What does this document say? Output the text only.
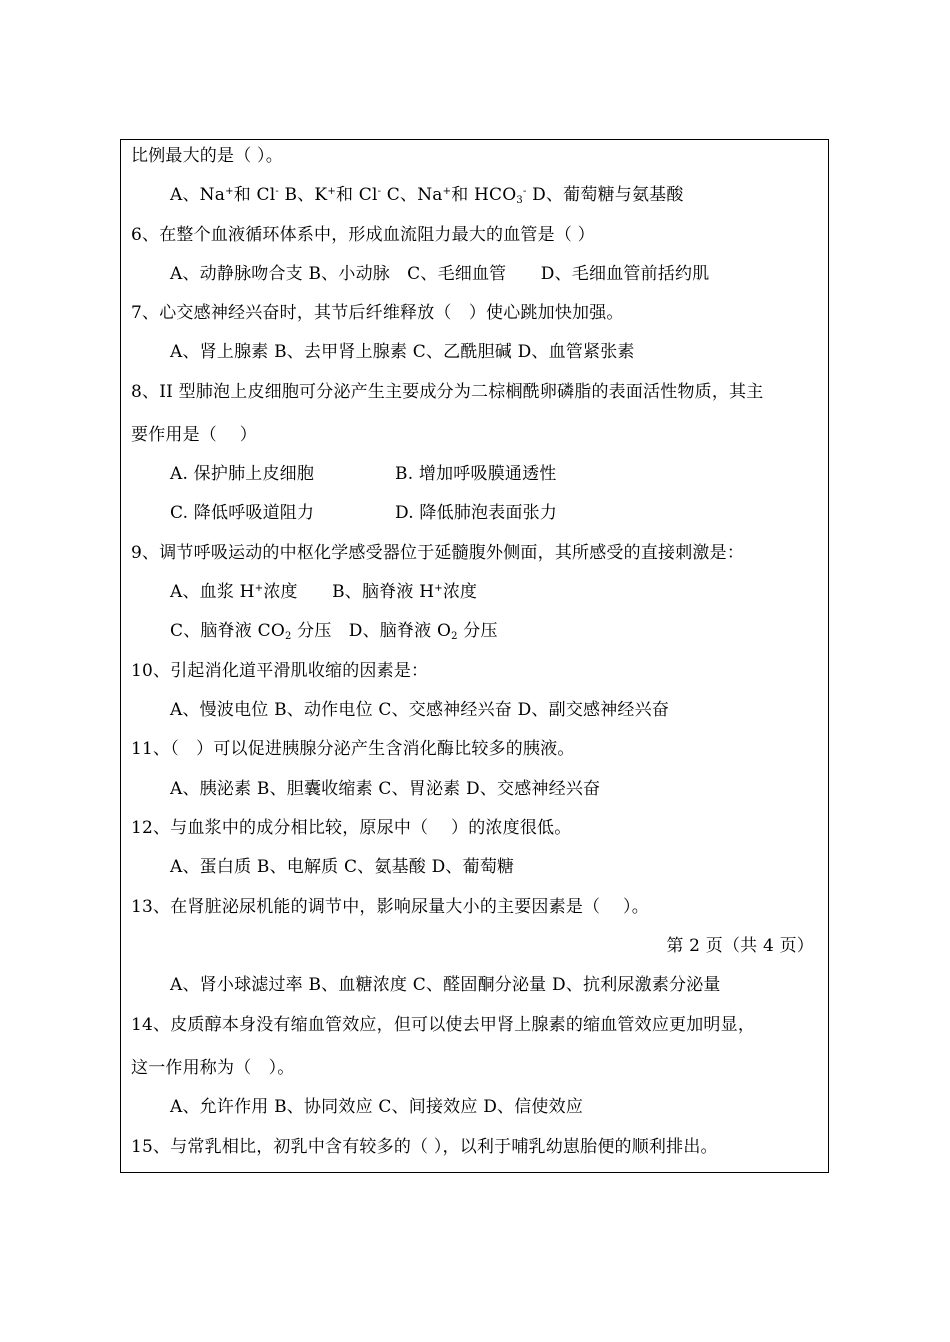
比例最大的是（ ）。
A、Na+和 Cl- B、K+和 Cl- C、Na+和 $HCO_3^-$ D、葡萄糖与氨基酸
6、在整个血液循环体系中，形成血流阻力最大的血管是（ ）
A、动静脉吻合支 B、小动脉　C、毛细血管　　D、毛细血管前括约肌
7、心交感神经兴奋时，其节后纤维释放（　）使心跳加快加强。
A、肾上腺素 B、去甲肾上腺素 C、乙酰胆碱 D、血管紧张素
8、II 型肺泡上皮细胞可分泌产生主要成分为二棕榈酰卵磷脂的表面活性物质，其主
要作用是（　 ）
A. 保护肺上皮细胞	B. 增加呼吸膜通透性
C. 降低呼吸道阻力	D. 降低肺泡表面张力
9、调节呼吸运动的中枢化学感受器位于延髓腹外侧面，其所感受的直接刺激是：
A、血浆 H+浓度　　B、脑脊液 H+浓度
C、脑脊液 $CO_2$ 分压　D、脑脊液 $O_2$ 分压
10、引起消化道平滑肌收缩的因素是：
A、慢波电位 B、动作电位 C、交感神经兴奋 D、副交感神经兴奋
11、（　）可以促进胰腺分泌产生含消化酶比较多的胰液。
A、胰泌素 B、胆囊收缩素 C、胃泌素 D、交感神经兴奋
12、与血浆中的成分相比较，原尿中（　 ）的浓度很低。
A、蛋白质 B、电解质 C、氨基酸 D、葡萄糖
13、在肾脏泌尿机能的调节中，影响尿量大小的主要因素是（　 ）。
第 2 页（共 4 页）
A、肾小球滤过率 B、血糖浓度 C、醛固酮分泌量 D、抗利尿激素分泌量
14、皮质醇本身没有缩血管效应，但可以使去甲肾上腺素的缩血管效应更加明显，
这一作用称为（　）。
A、允许作用 B、协同效应 C、间接效应 D、信使效应
15、与常乳相比，初乳中含有较多的（ ），以利于哺乳幼崽胎便的顺利排出。
